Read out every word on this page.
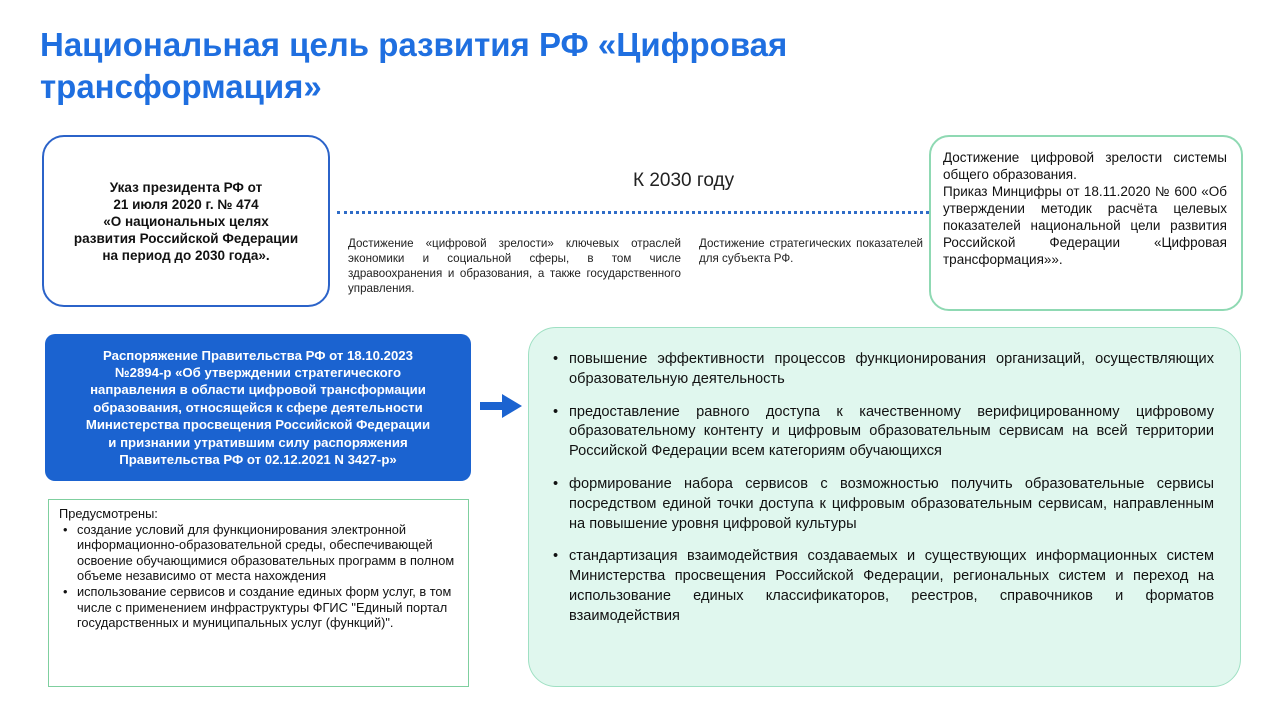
Национальная цель развития РФ «Цифровая трансформация»
Указ президента РФ от
21 июля 2020 г. № 474
«О национальных целях
развития Российской Федерации
на период до 2030 года».
К 2030 году
Достижение «цифровой зрелости» ключевых отраслей экономики и социальной сферы, в том числе здравоохранения и образования, а также государственного управления.
Достижение стратегических показателей для субъекта РФ.

Достижение цифровой зрелости системы общего образования.

Приказ Минцифры от 18.11.2020 № 600 «Об утверждении методик расчёта целевых показателей национальной цели развития Российской Федерации «Цифровая трансформация»».

Распоряжение Правительства РФ от 18.10.2023
№2894-р «Об утверждении стратегического
направления в области цифровой трансформации
образования, относящейся к сфере деятельности
Министерства просвещения Российской Федерации
и признании утратившим силу распоряжения
Правительства РФ от 02.12.2021 N 3427-р»
Предусмотрены:
• создание условий для функционирования электронной информационно-образовательной среды, обеспечивающей освоение обучающимися образовательных программ в полном объеме независимо от места нахождения
• использование сервисов и создание единых форм услуг, в том числе с применением инфраструктуры ФГИС "Единый портал государственных и муниципальных услуг (функций)".
• повышение эффективности процессов функционирования организаций, осуществляющих образовательную деятельность
• предоставление равного доступа к качественному верифицированному цифровому образовательному контенту и цифровым образовательным сервисам на всей территории Российской Федерации всем категориям обучающихся
• формирование набора сервисов с возможностью получить образовательные сервисы посредством единой точки доступа к цифровым образовательным сервисам, направленным на повышение уровня цифровой культуры
• стандартизация взаимодействия создаваемых и существующих информационных систем Министерства просвещения Российской Федерации, региональных систем и переход на использование единых классификаторов, реестров, справочников и форматов взаимодействия
